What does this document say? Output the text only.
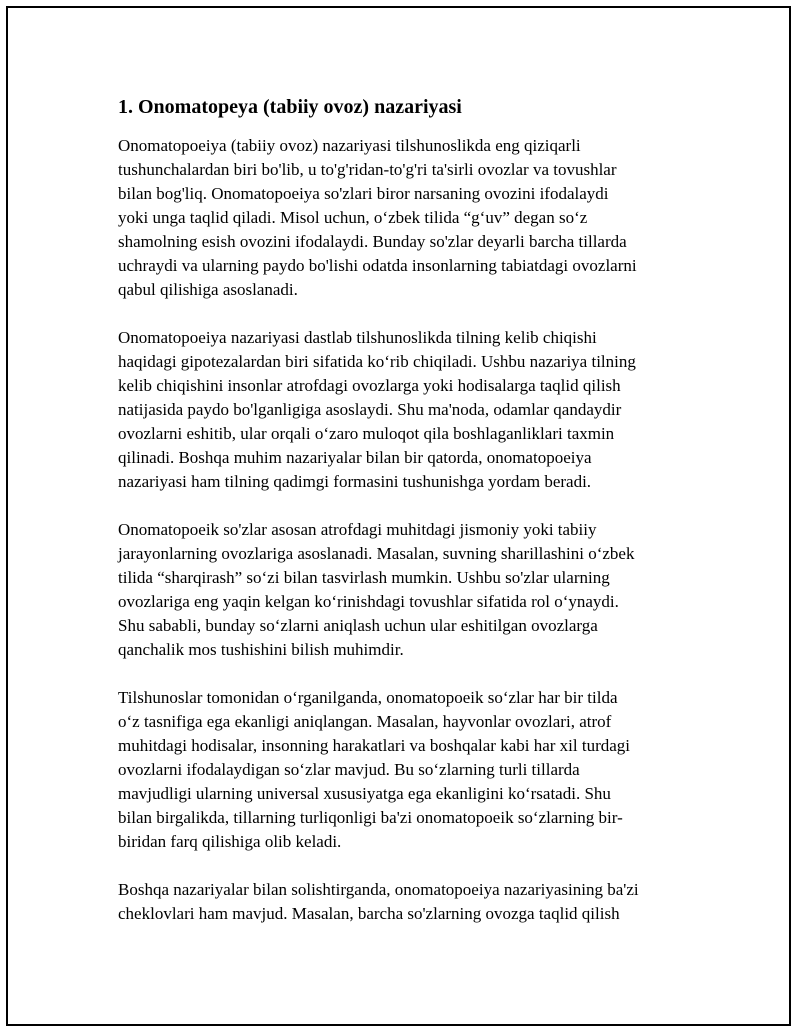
1. Onomatopeya (tabiiy ovoz) nazariyasi
Onomatopoeiya (tabiiy ovoz) nazariyasi tilshunoslikda eng qiziqarli
tushunchalardan biri bo'lib, u to'g'ridan-to'g'ri ta'sirli ovozlar va tovushlar
bilan bog'liq. Onomatopoeiya so'zlari biror narsaning ovozini ifodalaydi
yoki unga taqlid qiladi. Misol uchun, o‘zbek tilida “g‘uv” degan so‘z
shamolning esish ovozini ifodalaydi. Bunday so'zlar deyarli barcha tillarda
uchraydi va ularning paydo bo'lishi odatda insonlarning tabiatdagi ovozlarni
qabul qilishiga asoslanadi.
Onomatopoeiya nazariyasi dastlab tilshunoslikda tilning kelib chiqishi
haqidagi gipotezalardan biri sifatida ko‘rib chiqiladi. Ushbu nazariya tilning
kelib chiqishini insonlar atrofdagi ovozlarga yoki hodisalarga taqlid qilish
natijasida paydo bo'lganligiga asoslaydi. Shu ma'noda, odamlar qandaydir
ovozlarni eshitib, ular orqali o‘zaro muloqot qila boshlaganliklari taxmin
qilinadi. Boshqa muhim nazariyalar bilan bir qatorda, onomatopoeiya
nazariyasi ham tilning qadimgi formasini tushunishga yordam beradi.
Onomatopoeik so'zlar asosan atrofdagi muhitdagi jismoniy yoki tabiiy
jarayonlarning ovozlariga asoslanadi. Masalan, suvning sharillashini o‘zbek
tilida “sharqirash” so‘zi bilan tasvirlash mumkin. Ushbu so'zlar ularning
ovozlariga eng yaqin kelgan ko‘rinishdagi tovushlar sifatida rol o‘ynaydi.
Shu sababli, bunday so‘zlarni aniqlash uchun ular eshitilgan ovozlarga
qanchalik mos tushishini bilish muhimdir.
Tilshunoslar tomonidan o‘rganilganda, onomatopoeik so‘zlar har bir tilda
o‘z tasnifiga ega ekanligi aniqlangan. Masalan, hayvonlar ovozlari, atrof
muhitdagi hodisalar, insonning harakatlari va boshqalar kabi har xil turdagi
ovozlarni ifodalaydigan so‘zlar mavjud. Bu so‘zlarning turli tillarda
mavjudligi ularning universal xususiyatga ega ekanligini ko‘rsatadi. Shu
bilan birgalikda, tillarning turliqonligi ba'zi onomatopoeik so‘zlarning bir-
biridan farq qilishiga olib keladi.
Boshqa nazariyalar bilan solishtirganda, onomatopoeiya nazariyasining ba'zi
cheklovlari ham mavjud. Masalan, barcha so'zlarning ovozga taqlid qilish
